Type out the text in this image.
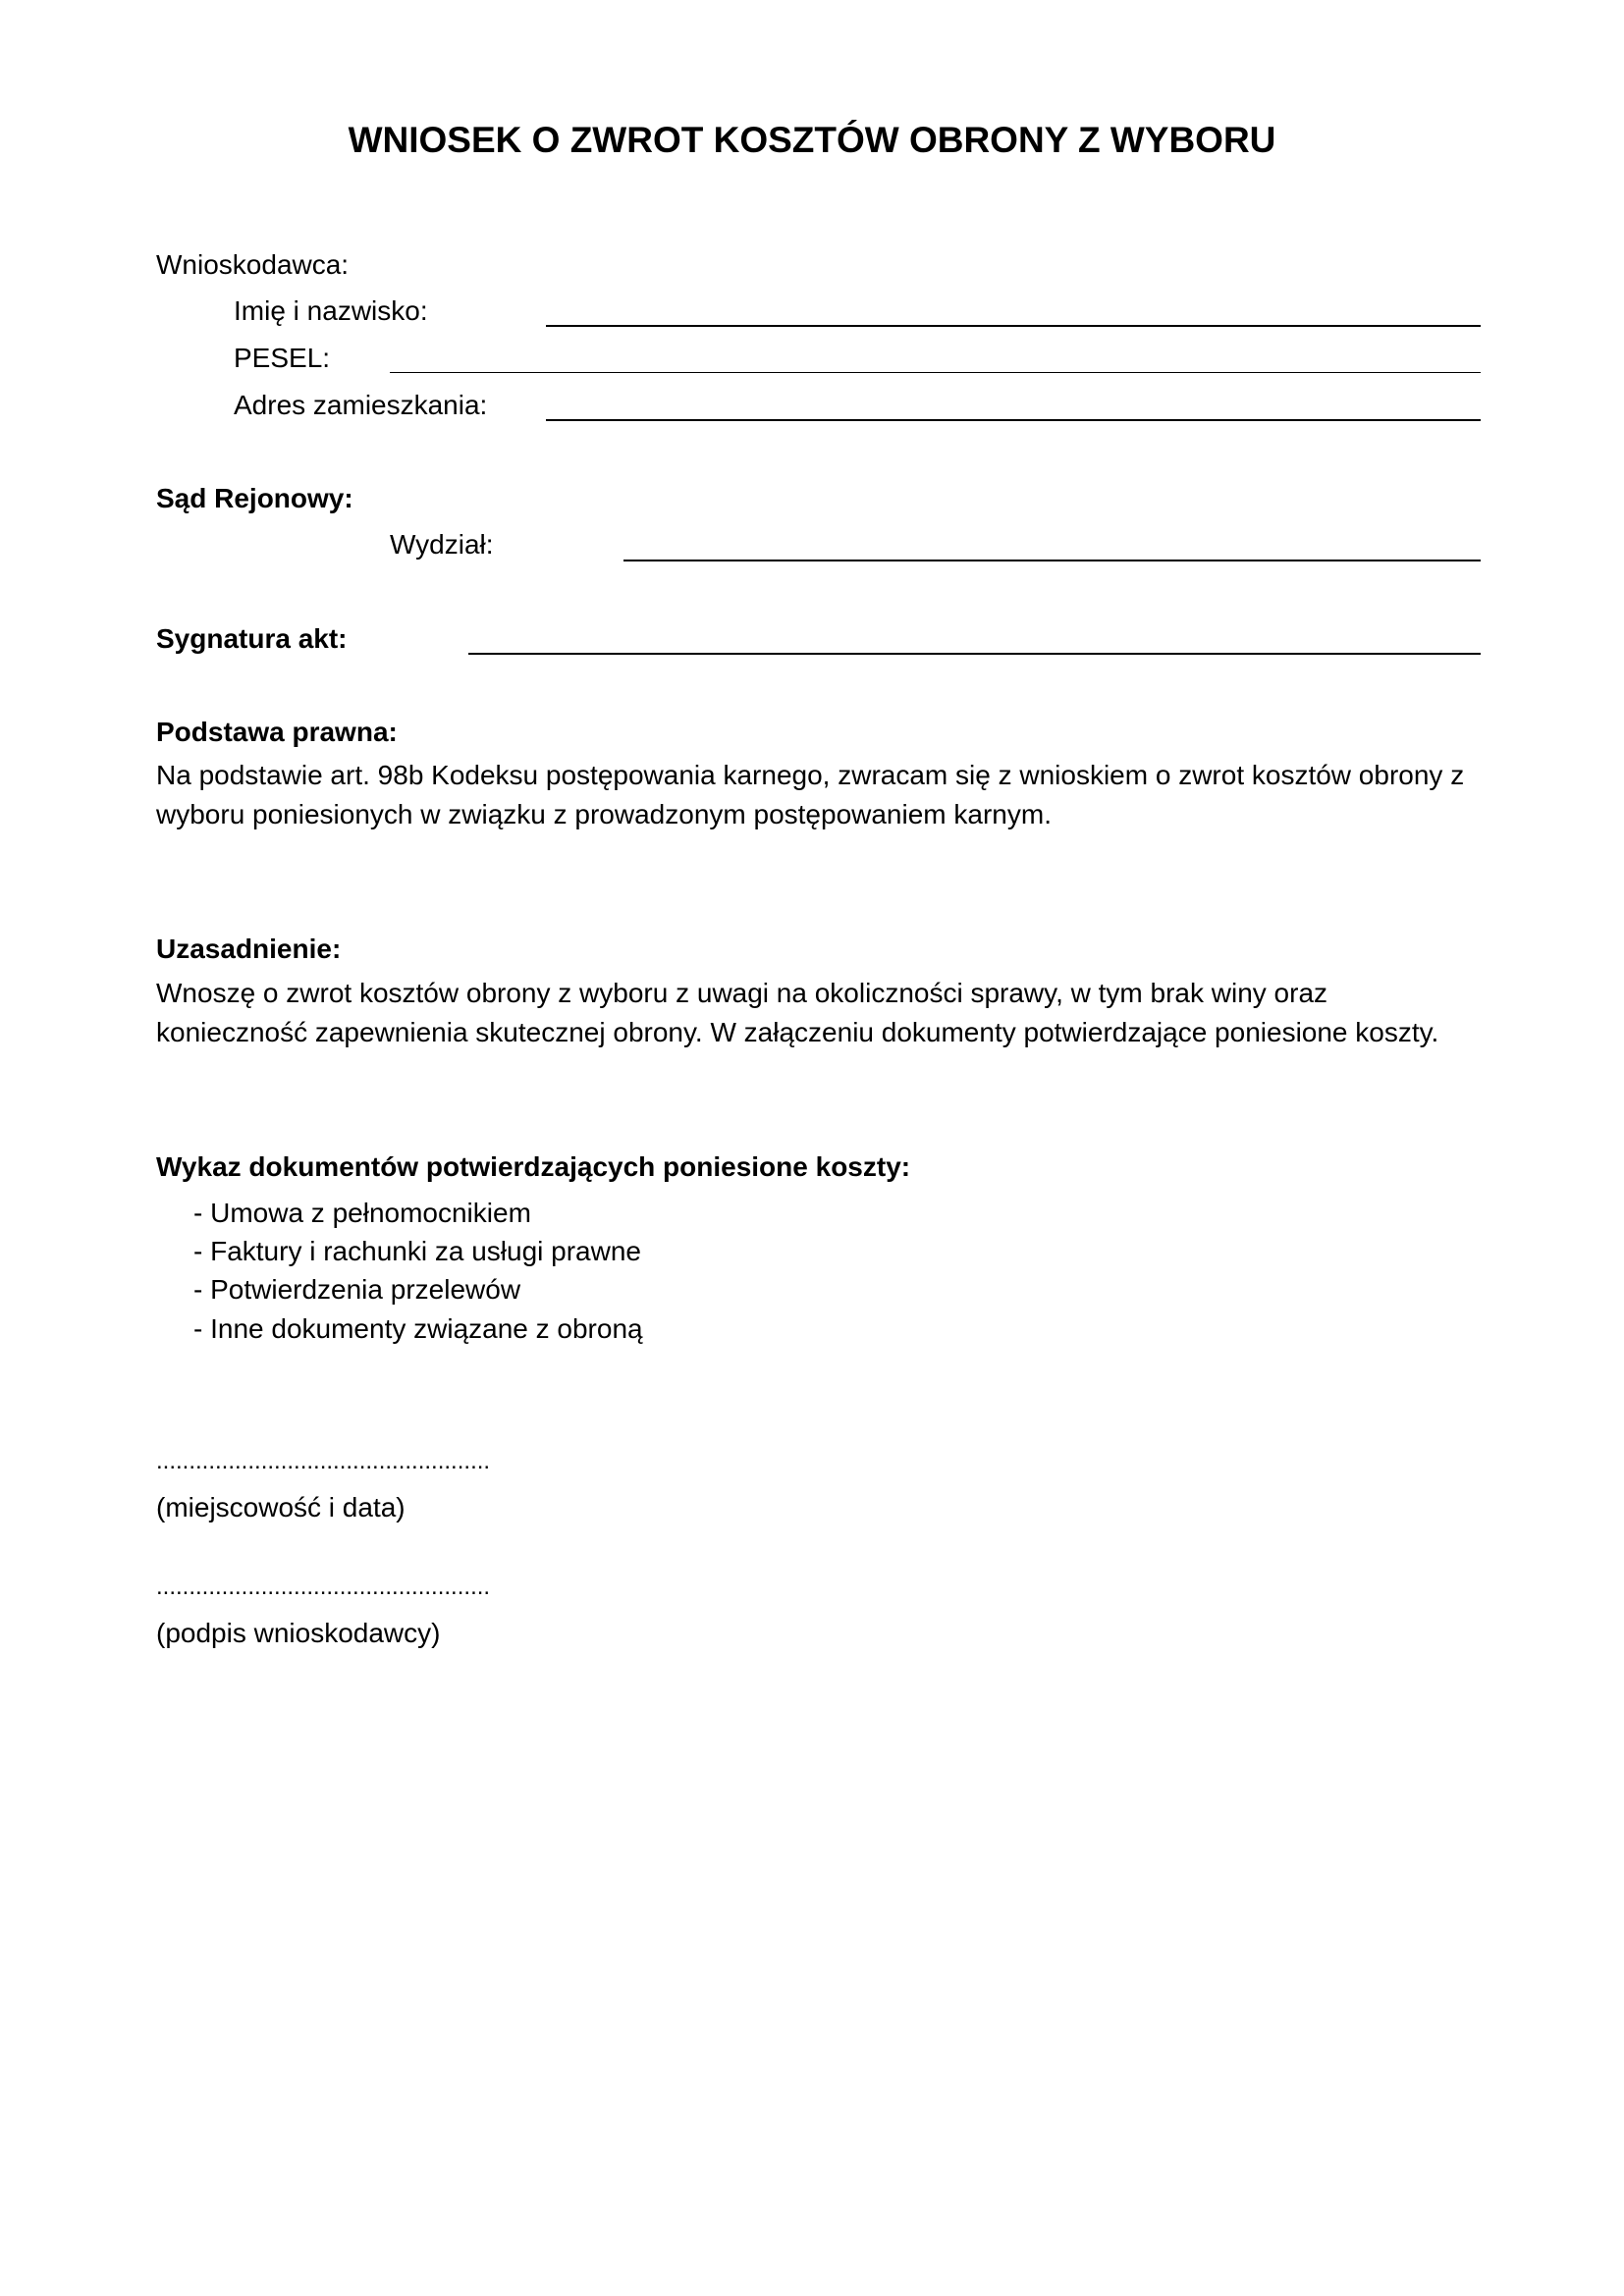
WNIOSEK O ZWROT KOSZTÓW OBRONY Z WYBORU
Wnioskodawca:
Imię i nazwisko:
PESEL:
Adres zamieszkania:
Sąd Rejonowy:
Wydział:
Sygnatura akt:
Podstawa prawna:
Na podstawie art. 98b Kodeksu postępowania karnego, zwracam się z wnioskiem o zwrot kosztów obrony z
wyboru poniesionych w związku z prowadzonym postępowaniem karnym.
Uzasadnienie:
Wnoszę o zwrot kosztów obrony z wyboru z uwagi na okoliczności sprawy, w tym brak winy oraz
konieczność zapewnienia skutecznej obrony. W załączeniu dokumenty potwierdzające poniesione koszty.
Wykaz dokumentów potwierdzających poniesione koszty:
- Umowa z pełnomocnikiem
- Faktury i rachunki za usługi prawne
- Potwierdzenia przelewów
- Inne dokumenty związane z obroną
...................................................
(miejscowość i data)
...................................................
(podpis wnioskodawcy)
